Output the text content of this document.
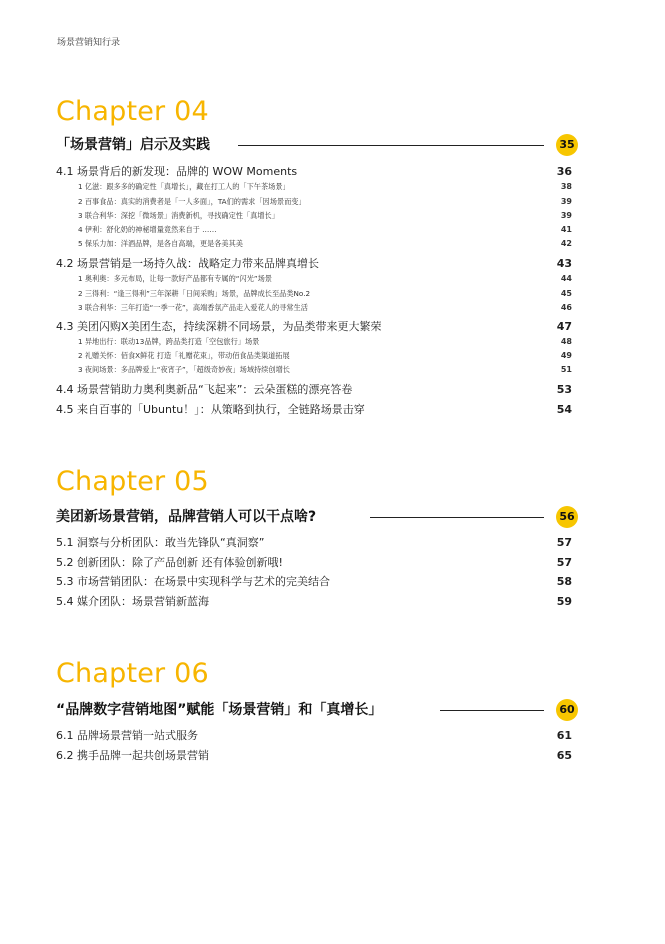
场景营销知行录
Chapter 04
「场景营销」启示及实践	35
4.1 场景背后的新发现：品牌的 WOW Moments	36
1 亿滋：跟多多的确定性「真增长」，藏在打工人的「下午茶场景」	38
2 百事食品：真实的消费者是「一人多面」，TA们的需求「因场景而变」	39
3 联合利华：深挖「微场景」消费新机，寻找确定性「真增长」	39
4 伊利：舒化奶的神秘增量竟然来自于 ……	41
5 保乐力加：洋酒品牌，是各自高端，更是各美其美	42
4.2 场景营销是一场持久战：战略定力带来品牌真增长	43
1 奥利奥：多元布局，让每一款好产品都有专属的“闪光”场景	44
2 三得利：“逢三得利”三年深耕「日间采购」场景，品牌成长至品类No.2	45
3 联合利华：三年打造“一季一花”，高端香氛产品走入爱花人的寻常生活	46
4.3 美团闪购X美团生态，持续深耕不同场景，为品类带来更大繁荣	47
1 异地出行：联动13品牌，跨品类打造「空包旅行」场景	48
2 礼赠关怀：佰食X鲜花 打造「礼赠花束」，带动佰食品类渠道拓展	49
3 夜间场景：多品牌爱上“夜宵子”，「超级奇妙夜」场域持续创增长	51
4.4 场景营销助力奥利奥新品“飞起来”：云朵蛋糕的漂亮答卷	53
4.5 来自百事的「Ubuntu！」：从策略到执行，全链路场景击穿	54
Chapter 05
美团新场景营销，品牌营销人可以干点啥?	56
5.1 洞察与分析团队：敢当先锋队“真洞察”	57
5.2 创新团队：除了产品创新 还有体验创新哦!	57
5.3 市场营销团队：在场景中实现科学与艺术的完美结合	58
5.4 媒介团队：场景营销新蓝海	59
Chapter 06
“品牌数字营销地图”赋能「场景营销」和「真增长」	60
6.1 品牌场景营销一站式服务	61
6.2 携手品牌一起共创场景营销	65
